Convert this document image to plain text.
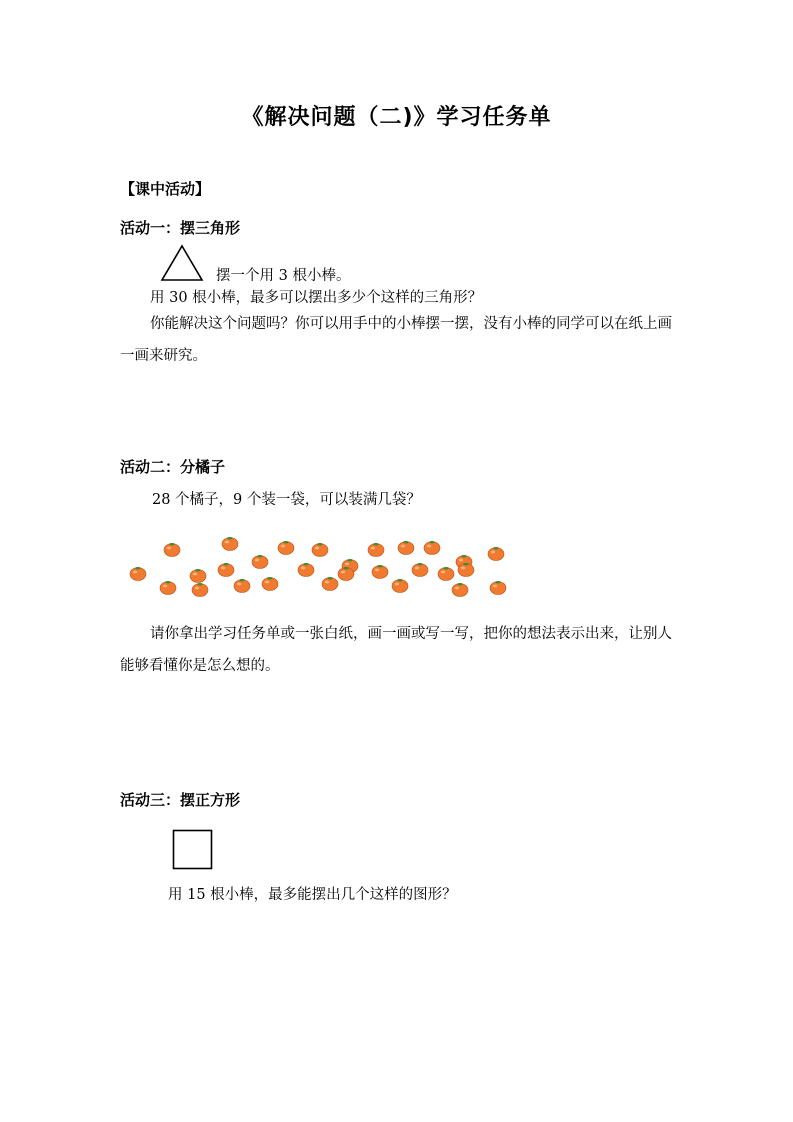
《解决问题（二)》学习任务单
【课中活动】
活动一：摆三角形
摆一个用 3 根小棒。
用 30 根小棒，最多可以摆出多少个这样的三角形？
你能解决这个问题吗？你可以用手中的小棒摆一摆，没有小棒的同学可以在纸上画一画来研究。
活动二：分橘子
28 个橘子，9 个装一袋，可以装满几袋？
请你拿出学习任务单或一张白纸，画一画或写一写，把你的想法表示出来，让别人能够看懂你是怎么想的。
活动三：摆正方形
用 15 根小棒，最多能摆出几个这样的图形？
